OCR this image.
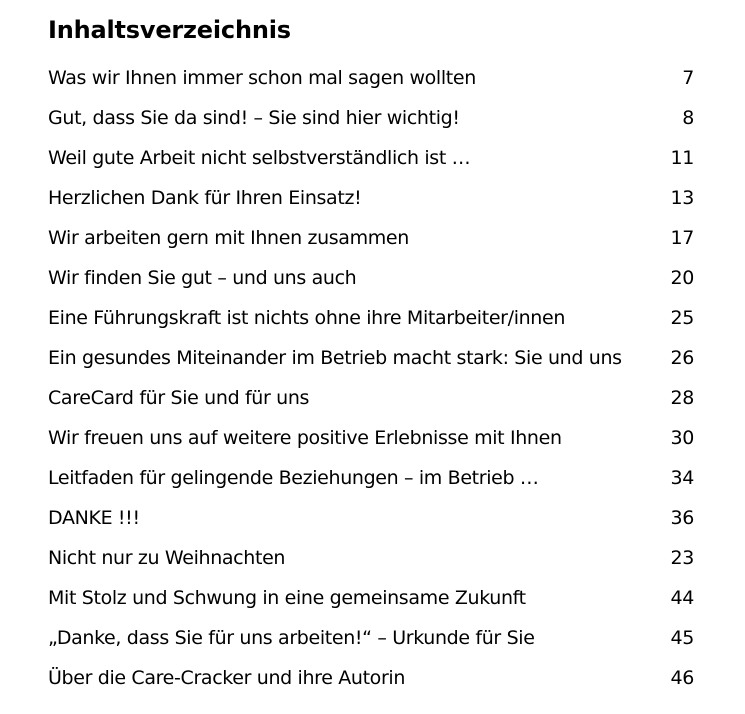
Inhaltsverzeichnis
Was wir Ihnen immer schon mal sagen wollten	7
Gut, dass Sie da sind! – Sie sind hier wichtig!	8
Weil gute Arbeit nicht selbstverständlich ist …	11
Herzlichen Dank für Ihren Einsatz!	13
Wir arbeiten gern mit Ihnen zusammen	17
Wir finden Sie gut – und uns auch	20
Eine Führungskraft ist nichts ohne ihre Mitarbeiter/innen	25
Ein gesundes Miteinander im Betrieb macht stark: Sie und uns	26
CareCard für Sie und für uns	28
Wir freuen uns auf weitere positive Erlebnisse mit Ihnen	30
Leitfaden für gelingende Beziehungen – im Betrieb …	34
DANKE !!!	36
Nicht nur zu Weihnachten	23
Mit Stolz und Schwung in eine gemeinsame Zukunft	44
„Danke, dass Sie für uns arbeiten!“ – Urkunde für Sie	45
Über die Care-Cracker und ihre Autorin	46
